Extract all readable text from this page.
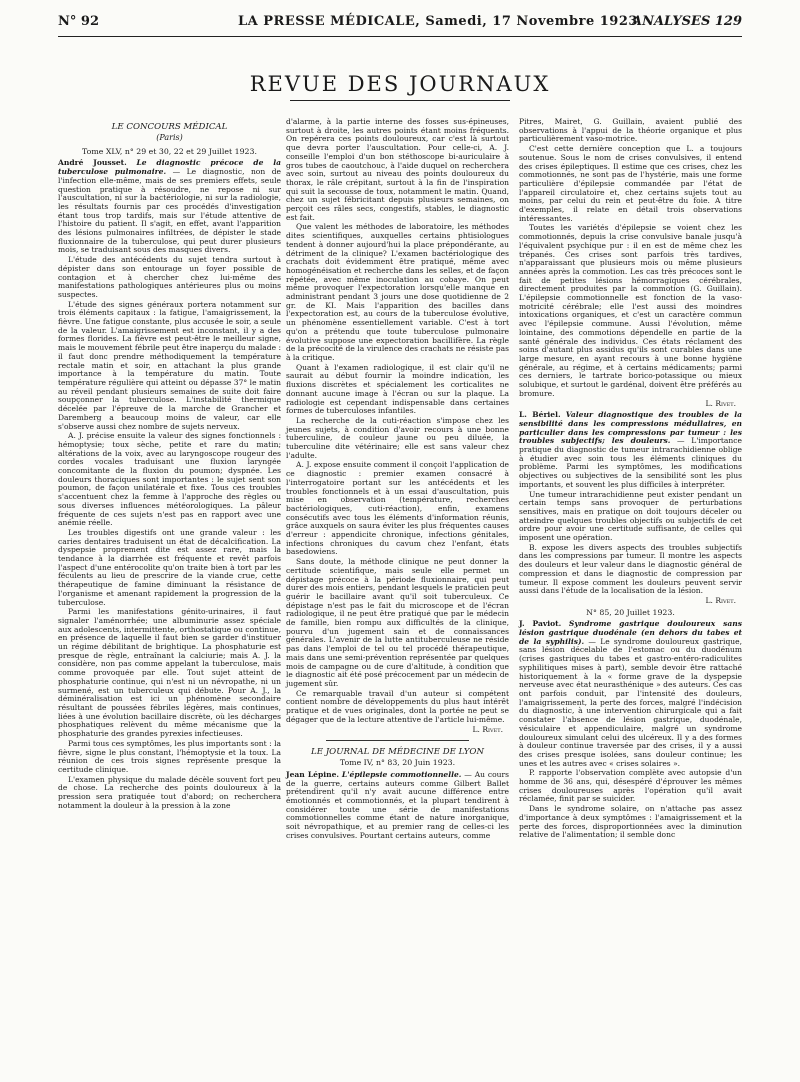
N° 92	LA PRESSE MÉDICALE, Samedi, 17 Novembre 1923
ANALYSES 129
REVUE DES JOURNAUX
LE CONCOURS MÉDICAL
(Paris)
Tome XLV, n° 29 et 30, 22 et 29 Juillet 1923.

André Jousset. Le diagnostic précoce de la tuberculose pulmonaire. — Le diagnostic, non de l'infection elle-même, mais de ses premiers effets, seule question pratique à résoudre, ne repose ni sur l'auscultation, ni sur la bactériologie, ni sur la radiologie, les résultats fournis par ces procédés d'investigation étant tous trop tardifs, mais sur l'étude attentive de l'histoire du patient. Il s'agit, en effet, avant l'apparition des lésions pulmonaires infiltrées, de dépister le stade fluxionnaire de la tuberculose, qui peut durer plusieurs mois, se traduisant sous des masques divers.

L'étude des antécédents du sujet tendra surtout à dépister dans son entourage un foyer possible de contagion et à chercher chez lui-même des manifestations pathologiques antérieures plus ou moins suspectes.

L'étude des signes généraux portera notamment sur trois éléments capitaux : la fatigue, l'amaigrissement, la fièvre. Une fatigue constante, plus accusée le soir, a seule de la valeur. L'amaigrissement est inconstant, il y a des formes florides. La fièvre est peut-être le meilleur signe, mais le mouvement fébrile peut être inaperçu du malade : il faut donc prendre méthodiquement la température rectale matin et soir, en attachant la plus grande importance à la température du matin. Toute température régulière qui atteint ou dépasse 37° le matin au réveil pendant plusieurs semaines de suite doit faire soupçonner la tuberculose. L'instabilité thermique décelée par l'épreuve de la marche de Grancher et Daremberg a beaucoup moins de valeur, car elle s'observe aussi chez nombre de sujets nerveux.

A. J. précise ensuite la valeur des signes fonctionnels : hémoptysie; toux sèche, petite et rare du matin; altérations de la voix, avec au laryngoscope rougeur des cordes vocales traduisant une fluxion laryngée concomitante de la fluxion du poumon; dyspnée. Les douleurs thoraciques sont importantes : le sujet sent son poumon, de façon unilatérale et fixe. Tous ces troubles s'accentuent chez la femme à l'approche des règles ou sous diverses influences météorologiques. La pâleur fréquente de ces sujets n'est pas en rapport avec une anémie réelle.

Les troubles digestifs ont une grande valeur : les caries dentaires traduisent un état de décalcification. La dyspepsie proprement dite est assez rare, mais la tendance à la diarrhée est fréquente et revêt parfois l'aspect d'une entérocolite qu'on traite bien à tort par les féculents au lieu de prescrire de la viande crue, cette thérapeutique de famine diminuant la résistance de l'organisme et amenant rapidement la progression de la tuberculose.

Parmi les manifestations génito-urinaires, il faut signaler l'aménorrhée; une albuminurie assez spéciale aux adolescents, intermittente, orthostatique ou continue, en présence de laquelle il faut bien se garder d'instituer un régime débilitant de brightique. La phosphaturie est presque de règle, entraînant la calciurie; mais A. J. la considère, non pas comme appelant la tuberculose, mais comme provoquée par elle. Tout sujet atteint de phosphaturie continue, qui n'est ni un névropathe, ni un surmené, est un tuberculeux qui débute. Pour A. J., la déminéralisation est ici un phénomène secondaire résultant de poussées fébriles légères, mais continues, liées à une évolution bacillaire discrète, où les décharges phosphatiques relèvent du même mécanisme que la phosphaturie des grandes pyrexies infectieuses.

Parmi tous ces symptômes, les plus importants sont : la fièvre, signe le plus constant, l'hémoptysie et la toux. La réunion de ces trois signes représente presque la certitude clinique.

L'examen physique du malade décèle souvent fort peu de chose. La recherche des points douloureux à la pression sera pratiquée tout d'abord; on recherchera notamment la douleur à la pression à la zone

d'alarme, à la partie interne des fosses sus-épineuses, surtout à droite, les autres points étant moins fréquents. On repérera ces points douloureux, car c'est là surtout que devra porter l'auscultation. Pour celle-ci, A. J. conseille l'emploi d'un bon stéthoscope bi-auriculaire à gros tubes de caoutchouc, à l'aide duquel on recherchera avec soin, surtout au niveau des points douloureux du thorax, le râle crépitant, surtout à la fin de l'inspiration qui suit la secousse de toux, notamment le matin. Quand, chez un sujet fébricitant depuis plusieurs semaines, on perçoit ces râles secs, congestifs, stables, le diagnostic est fait.

Que valent les méthodes de laboratoire, les méthodes dites scientifiques, auxquelles certains phtisiologues tendent à donner aujourd'hui la place prépondérante, au détriment de la clinique? L'examen bactériologique des crachats doit évidemment être pratiqué, même avec homogénéisation et recherche dans les selles, et de façon répétée, avec même inoculation au cobaye. On peut même provoquer l'expectoration lorsqu'elle manque en administrant pendant 3 jours une dose quotidienne de 2 gr. de KI. Mais l'apparition des bacilles dans l'expectoration est, au cours de la tuberculose évolutive, un phénomène essentiellement variable. C'est à tort qu'on a prétendu que toute tuberculose pulmonaire évolutive suppose une expectoration bacillifère. La règle de la précocité de la virulence des crachats ne résiste pas à la critique.

Quant à l'examen radiologique, il est clair qu'il ne saurait au début fournir la moindre indication, les fluxions discrètes et spécialement les corticalites ne donnant aucune image à l'écran ou sur la plaque. La radiologie est cependant indispensable dans certaines formes de tuberculoses infantiles.

La recherche de la cuti-réaction s'impose chez les jeunes sujets, à condition d'avoir recours à une bonne tuberculine, de couleur jaune ou peu diluée, la tuberculine dite vétérinaire; elle est sans valeur chez l'adulte.

A. J. expose ensuite comment il conçoit l'application de ce diagnostic : premier examen consacré à l'interrogatoire portant sur les antécédents et les troubles fonctionnels et à un essai d'auscultation, puis mise en observation (température, recherches bactériologiques, cuti-réaction), enfin, examens consécutifs avec tous les éléments d'information réunis, grâce auxquels on saura éviter les plus fréquentes causes d'erreur : appendicite chronique, infections génitales, infections chroniques du cavum chez l'enfant, états basedowiens.

Sans doute, la méthode clinique ne peut donner la certitude scientifique, mais seule elle permet un dépistage précoce à la période fluxionnaire, qui peut durer des mois entiers, pendant lesquels le praticien peut guérir le bacillaire avant qu'il soit tuberculeux. Ce dépistage n'est pas le fait du microscope et de l'écran radiologique, il ne peut être pratiqué que par le médecin de famille, bien rompu aux difficultés de la clinique, pourvu d'un jugement sain et de connaissances générales. L'avenir de la lutte antituberculeuse ne réside pas dans l'emploi de tel ou tel procédé thérapeutique, mais dans une semi-prévention représentée par quelques mois de campagne ou de cure d'altitude, à condition que le diagnostic ait été posé précocement par un médecin de jugement sûr.

Ce remarquable travail d'un auteur si compétent contient nombre de développements du plus haut intérêt pratique et de vues originales, dont la portée ne peut se dégager que de la lecture attentive de l'article lui-même.

L. Rivet.
LE JOURNAL DE MÉDECINE DE LYON
Tome IV, n° 83, 20 Juin 1923.

Jean Lépine. L'épilepsie commotionnelle. — Au cours de la guerre, certains auteurs comme Gilbert Ballet prétendirent qu'il n'y avait aucune différence entre émotionnés et commotionnés, et la plupart tendirent à considérer toute une série de manifestations commotionnelles comme étant de nature inorganique, soit névropathique, et au premier rang de celles-ci les crises convulsives. Pourtant certains auteurs, comme

Pitres, Mairet, G. Guillain, avaient publié des observations à l'appui de la théorie organique et plus particulièrement vaso-motrice.

C'est cette dernière conception que L. a toujours soutenue. Sous le nom de crises convulsives, il entend des crises épileptiques. Il estime que ces crises, chez les commotionnés, ne sont pas de l'hystérie, mais une forme particulière d'épilepsie commandée par l'état de l'appareil circulatoire et, chez certains sujets tout au moins, par celui du rein et peut-être du foie. A titre d'exemples, il relate en détail trois observations intéressantes.

Toutes les variétés d'épilepsie se voient chez les commotionnés, depuis la crise convulsive banale jusqu'à l'équivalent psychique pur : il en est de même chez les trépanés. Ces crises sont parfois très tardives, n'apparaissant que plusieurs mois ou même plusieurs années après la commotion. Les cas très précoces sont le fait de petites lésions hémorragiques cérébrales, directement produites par la commotion (G. Guillain). L'épilepsie commotionnelle est fonction de la vaso-motricité cérébrale; elle l'est aussi des moindres intoxications organiques, et c'est un caractère commun avec l'épilepsie commune. Aussi l'évolution, même lointaine, des commotions dépendelle en partie de la santé générale des individus. Ces états réclament des soins d'autant plus assidus qu'ils sont curables dans une large mesure, en ayant recours à une bonne hygiène générale, au régime, et à certains médicaments; parmi ces derniers, le tartrate borico-potassique ou mieux solubique, et surtout le gardénal, doivent être préférés au bromure.

L. Rivet.

L. Bériel. Valeur diagnostique des troubles de la sensibilité dans les compressions médullaires, en particulier dans les compressions par tumeur : les troubles subjectifs; les douleurs. — L'importance pratique du diagnostic de tumeur intrarachidienne oblige à étudier avec soin tous les éléments cliniques du problème. Parmi les symptômes, les modifications objectives ou subjectives de la sensibilité sont les plus importants, et souvent les plus difficiles à interpréter.

Une tumeur intrarachidienne peut exister pendant un certain temps sans provoquer de perturbations sensitives, mais en pratique on doit toujours déceler ou atteindre quelques troubles objectifs ou subjectifs de cet ordre pour avoir une certitude suffisante, de celles qui imposent une opération.

B. expose les divers aspects des troubles subjectifs dans les compressions par tumeur. Il montre les aspects des douleurs et leur valeur dans le diagnostic général de compression et dans le diagnostic de compression par tumeur. Il expose comment les douleurs peuvent servir aussi dans l'étude de la localisation de la lésion.

L. Rivet.
N° 85, 20 Juillet 1923.

J. Paviot. Syndrome gastrique douloureux sans lésion gastrique duodénale (en dehors du tabes et de la syphilis). — Le syndrome douloureux gastrique, sans lésion décelable de l'estomac ou du duodénum (crises gastriques du tabes et gastro-entéro-radiculites syphilitiques mises à part), semble devoir être rattaché historiquement à la « forme grave de la dyspepsie nerveuse avec état neurasthénique » des auteurs. Ces cas ont parfois conduit, par l'intensité des douleurs, l'amaigrissement, la perte des forces, malgré l'indécision du diagnostic, à une intervention chirurgicale qui a fait constater l'absence de lésion gastrique, duodénale, vésiculaire et appendiculaire, malgré un syndrome douloureux simulant celui des ulcéreux. Il y a des formes à douleur continue traversée par des crises, il y a aussi des crises presque isolées, sans douleur continue; les unes et les autres avec « crises solaires ».

P. rapporte l'observation complète avec autopsie d'un homme de 36 ans, qui, désespéré d'éprouver les mêmes crises douloureuses après l'opération qu'il avait réclamée, finit par se suicider.

Dans le syndrome solaire, on n'attache pas assez d'importance à deux symptômes : l'amaigrissement et la perte des forces, disproportionnées avec la diminution relative de l'alimentation; il semble donc
